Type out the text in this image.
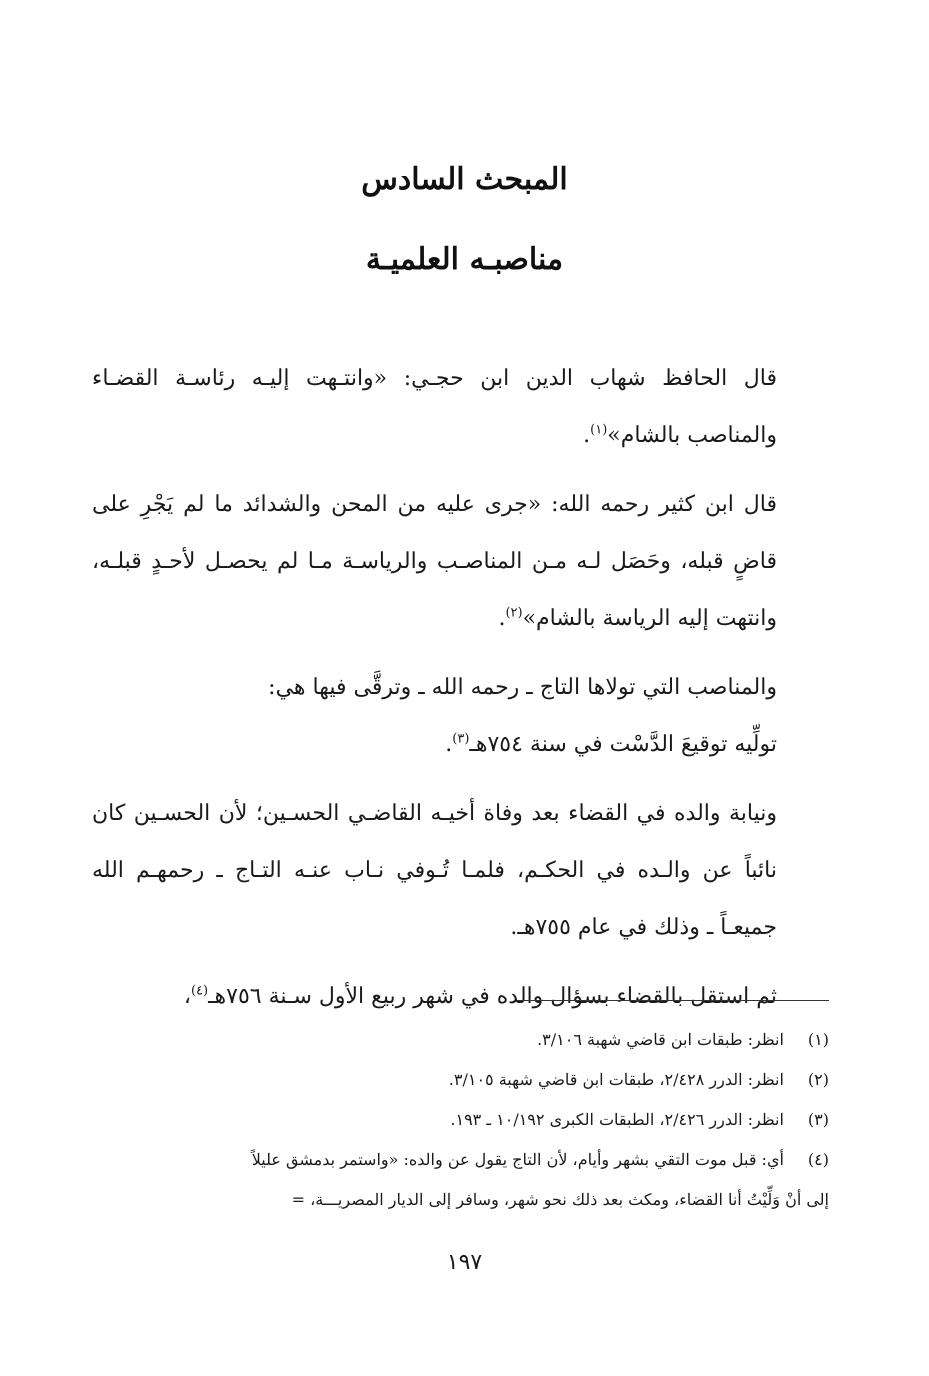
المبحث السادس
مناصبـه العلميـة

قال الحافظ شهاب الدين ابن حجـي: «وانتـهت إليـه رئاسـة القضـاء والمناصب بالشام»$^{(١)}$.

قال ابن كثير رحمه الله: «جرى عليه من المحن والشدائد ما لم يَجْرِ على قاضٍ قبله، وحَصَل لـه مـن المناصـب والرياسـة مـا لم يحصـل لأحـدٍ قبلـه، وانتهت إليه الرياسة بالشام»$^{(٢)}$.

والمناصب التي تولاها التاج ـ رحمه الله ـ وترقَّى فيها هي:

تولِّيه توقيعَ الدَّسْت في سنة ٧٥٤هـ$^{(٣)}$.

ونيابة والده في القضاء بعد وفاة أخيـه القاضـي الحسـين؛ لأن الحسـين كان نائباً عن والـده في الحكـم، فلمـا تُـوفي نـاب عنـه التـاج ـ رحمهـم الله جميعـاً ـ وذلك في عام ٧٥٥هـ.

ثم استقل بالقضاء بسؤال والده في شهر ربيع الأول سـنة ٧٥٦هـ$^{(٤)}$،

(١) انظر: طبقات ابن قاضي شهبة ٣/١٠٦.

(٢) انظر: الدرر ٢/٤٢٨، طبقات ابن قاضي شهبة ٣/١٠٥.

(٣) انظر: الدرر ٢/٤٢٦، الطبقات الكبرى ١٠/١٩٢ ـ ١٩٣.

(٤) أي: قبل موت التقي بشهر وأيام، لأن التاج يقول عن والده: «واستمر بدمشق عليلاً

إلى أنْ وَلِّيْتُ أنا القضاء، ومكث بعد ذلك نحو شهر، وسافر إلى الديار المصريـــة، =

١٩٧
